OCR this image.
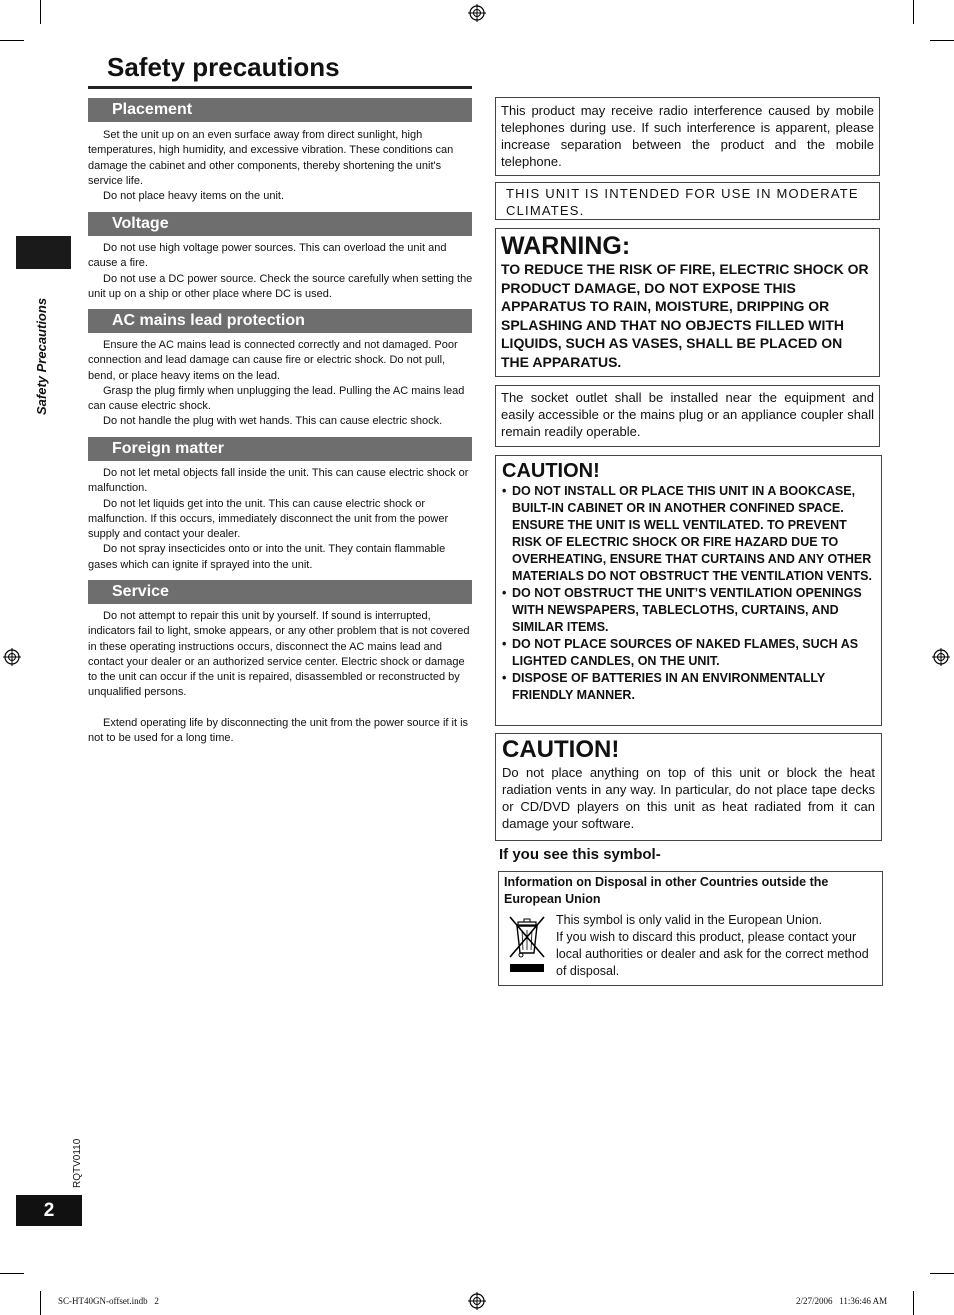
Safety Precautions
RQTV0110
2
SC-HT40GN-offset.indb   2	2/27/2006   11:36:46 AM
Safety precautions
Placement

Set the unit up on an even surface away from direct sunlight, high temperatures, high humidity, and excessive vibration. These conditions can damage the cabinet and other components, thereby shortening the unit's service life.

Do not place heavy items on the unit.

Voltage

Do not use high voltage power sources. This can overload the unit and cause a fire.

Do not use a DC power source. Check the source carefully when setting the unit up on a ship or other place where DC is used.

AC mains lead protection

Ensure the AC mains lead is connected correctly and not damaged. Poor connection and lead damage can cause fire or electric shock. Do not pull, bend, or place heavy items on the lead.

Grasp the plug firmly when unplugging the lead. Pulling the AC mains lead can cause electric shock.

Do not handle the plug with wet hands. This can cause electric shock.

Foreign matter

Do not let metal objects fall inside the unit. This can cause electric shock or malfunction.

Do not let liquids get into the unit. This can cause electric shock or malfunction. If this occurs, immediately disconnect the unit from the power supply and contact your dealer.

Do not spray insecticides onto or into the unit. They contain flammable gases which can ignite if sprayed into the unit.

Service

Do not attempt to repair this unit by yourself. If sound is interrupted, indicators fail to light, smoke appears, or any other problem that is not covered in these operating instructions occurs, disconnect the AC mains lead and contact your dealer or an authorized service center. Electric shock or damage to the unit can occur if the unit is repaired, disassembled or reconstructed by unqualified persons.

Extend operating life by disconnecting the unit from the power source if it is not to be used for a long time.

This product may receive radio interference caused by mobile telephones during use. If such interference is apparent, please increase separation between the product and the mobile telephone.
THIS UNIT IS INTENDED FOR USE IN MODERATE CLIMATES.
WARNING:
TO REDUCE THE RISK OF FIRE, ELECTRIC SHOCK OR PRODUCT DAMAGE, DO NOT EXPOSE THIS APPARATUS TO RAIN, MOISTURE, DRIPPING OR SPLASHING AND THAT NO OBJECTS FILLED WITH LIQUIDS, SUCH AS VASES, SHALL BE PLACED ON THE APPARATUS.
The socket outlet shall be installed near the equipment and easily accessible or the mains plug or an appliance coupler shall remain readily operable.
CAUTION!
• DO NOT INSTALL OR PLACE THIS UNIT IN A BOOKCASE, BUILT-IN CABINET OR IN ANOTHER CONFINED SPACE. ENSURE THE UNIT IS WELL VENTILATED. TO PREVENT RISK OF ELECTRIC SHOCK OR FIRE HAZARD DUE TO OVERHEATING, ENSURE THAT CURTAINS AND ANY OTHER MATERIALS DO NOT OBSTRUCT THE VENTILATION VENTS.
• DO NOT OBSTRUCT THE UNIT’S VENTILATION OPENINGS WITH NEWSPAPERS, TABLECLOTHS, CURTAINS, AND SIMILAR ITEMS.
• DO NOT PLACE SOURCES OF NAKED FLAMES, SUCH AS LIGHTED CANDLES, ON THE UNIT.
• DISPOSE OF BATTERIES IN AN ENVIRONMENTALLY FRIENDLY MANNER.
CAUTION!
Do not place anything on top of this unit or block the heat radiation vents in any way. In particular, do not place tape decks or CD/DVD players on this unit as heat radiated from it can damage your software.
If you see this symbol-
Information on Disposal in other Countries outside the European Union
This symbol is only valid in the European Union.
If you wish to discard this product, please contact your local authorities or dealer and ask for the correct method of disposal.
